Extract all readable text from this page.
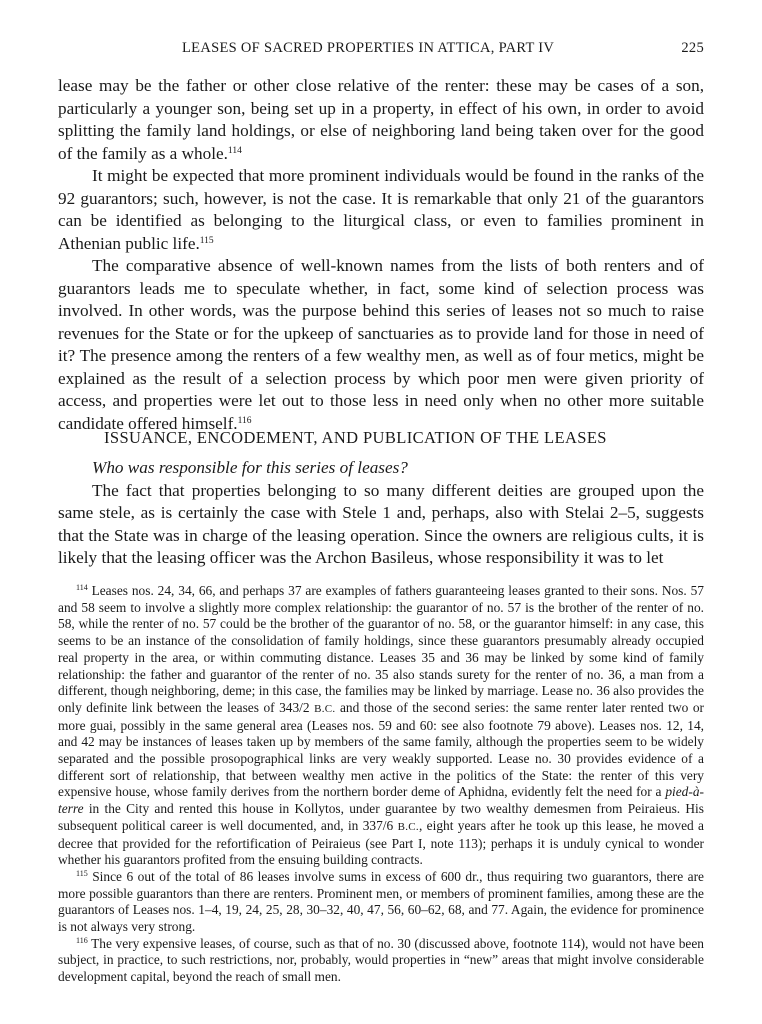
LEASES OF SACRED PROPERTIES IN ATTICA, PART IV	225

lease may be the father or other close relative of the renter: these may be cases of a son, particularly a younger son, being set up in a property, in effect of his own, in order to avoid splitting the family land holdings, or else of neighboring land being taken over for the good of the family as a whole.$^{114}$

It might be expected that more prominent individuals would be found in the ranks of the 92 guarantors; such, however, is not the case. It is remarkable that only 21 of the guarantors can be identified as belonging to the liturgical class, or even to families prominent in Athenian public life.$^{115}$

The comparative absence of well-known names from the lists of both renters and of guarantors leads me to speculate whether, in fact, some kind of selection process was involved. In other words, was the purpose behind this series of leases not so much to raise revenues for the State or for the upkeep of sanctuaries as to provide land for those in need of it? The presence among the renters of a few wealthy men, as well as of four metics, might be explained as the result of a selection process by which poor men were given priority of access, and properties were let out to those less in need only when no other more suitable candidate offered himself.$^{116}$

ISSUANCE, ENCODEMENT, AND PUBLICATION OF THE LEASES

Who was responsible for this series of leases?

The fact that properties belonging to so many different deities are grouped upon the same stele, as is certainly the case with Stele 1 and, perhaps, also with Stelai 2–5, suggests that the State was in charge of the leasing operation. Since the owners are religious cults, it is likely that the leasing officer was the Archon Basileus, whose responsibility it was to let

$^{114}$ Leases nos. 24, 34, 66, and perhaps 37 are examples of fathers guaranteeing leases granted to their sons. Nos. 57 and 58 seem to involve a slightly more complex relationship: the guarantor of no. 57 is the brother of the renter of no. 58, while the renter of no. 57 could be the brother of the guarantor of no. 58, or the guarantor himself: in any case, this seems to be an instance of the consolidation of family holdings, since these guarantors presumably already occupied real property in the area, or within commuting distance. Leases 35 and 36 may be linked by some kind of family relationship: the father and guarantor of the renter of no. 35 also stands surety for the renter of no. 36, a man from a different, though neighboring, deme; in this case, the families may be linked by marriage. Lease no. 36 also provides the only definite link between the leases of 343/2 B.C. and those of the second series: the same renter later rented two or more guai, possibly in the same general area (Leases nos. 59 and 60: see also footnote 79 above). Leases nos. 12, 14, and 42 may be instances of leases taken up by members of the same family, although the properties seem to be widely separated and the possible prosopographical links are very weakly supported. Lease no. 30 provides evidence of a different sort of relationship, that between wealthy men active in the politics of the State: the renter of this very expensive house, whose family derives from the northern border deme of Aphidna, evidently felt the need for a pied-à-terre in the City and rented this house in Kollytos, under guarantee by two wealthy demesmen from Peiraieus. His subsequent political career is well documented, and, in 337/6 B.C., eight years after he took up this lease, he moved a decree that provided for the refortification of Peiraieus (see Part I, note 113); perhaps it is unduly cynical to wonder whether his guarantors profited from the ensuing building contracts.

$^{115}$ Since 6 out of the total of 86 leases involve sums in excess of 600 dr., thus requiring two guarantors, there are more possible guarantors than there are renters. Prominent men, or members of prominent families, among these are the guarantors of Leases nos. 1–4, 19, 24, 25, 28, 30–32, 40, 47, 56, 60–62, 68, and 77. Again, the evidence for prominence is not always very strong.

$^{116}$ The very expensive leases, of course, such as that of no. 30 (discussed above, footnote 114), would not have been subject, in practice, to such restrictions, nor, probably, would properties in “new” areas that might involve considerable development capital, beyond the reach of small men.
